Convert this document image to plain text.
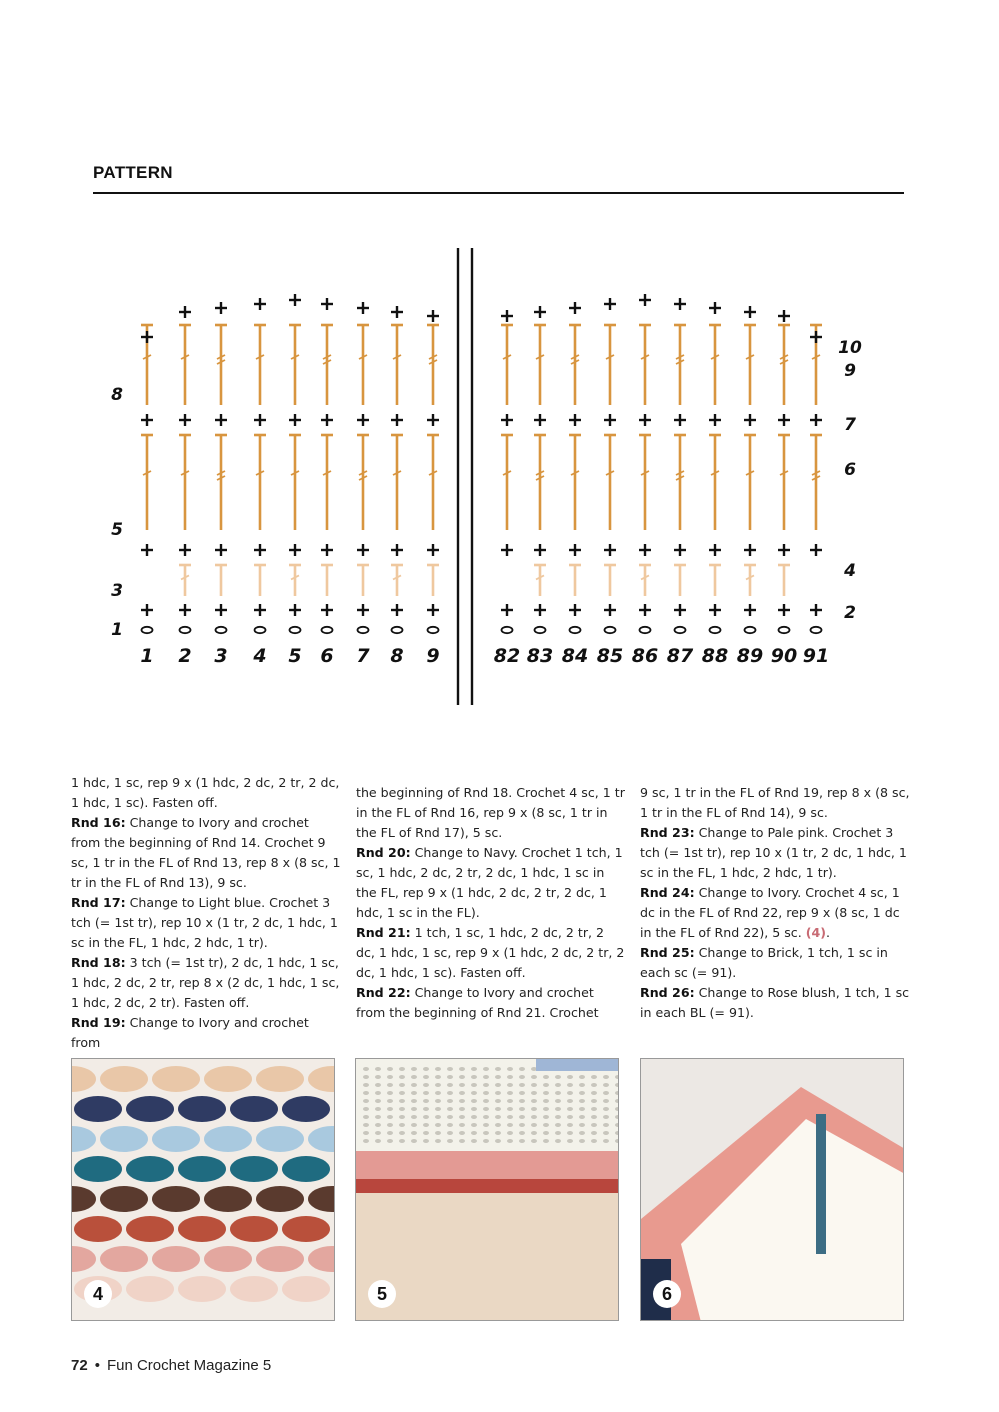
PATTERN
1 2 3 4 5 6 7 8 9	82 83 84 85 86 87 88 89 90 91
1
3
5
8
2
4
6
7
9
10

1 hdc, 1 sc, rep 9 x (1 hdc, 2 dc, 2 tr, 2 dc, 1 hdc, 1 sc). Fasten off.

Rnd 16: Change to Ivory and crochet from the beginning of Rnd 14. Crochet 9 sc, 1 tr in the FL of Rnd 13, rep 8 x (8 sc, 1 tr in the FL of Rnd 13), 9 sc.

Rnd 17: Change to Light blue. Crochet 3 tch (= 1st tr), rep 10 x (1 tr, 2 dc, 1 hdc, 1 sc in the FL, 1 hdc, 2 hdc, 1 tr).

Rnd 18: 3 tch (= 1st tr), 2 dc, 1 hdc, 1 sc, 1 hdc, 2 dc, 2 tr, rep 8 x (2 dc, 1 hdc, 1 sc, 1 hdc, 2 dc, 2 tr). Fasten off.

Rnd 19: Change to Ivory and crochet from

the beginning of Rnd 18. Crochet 4 sc, 1 tr in the FL of Rnd 16, rep 9 x (8 sc, 1 tr in the FL of Rnd 17), 5 sc.

Rnd 20: Change to Navy. Crochet 1 tch, 1 sc, 1 hdc, 2 dc, 2 tr, 2 dc, 1 hdc, 1 sc in the FL, rep 9 x (1 hdc, 2 dc, 2 tr, 2 dc, 1 hdc, 1 sc in the FL).

Rnd 21: 1 tch, 1 sc, 1 hdc, 2 dc, 2 tr, 2 dc, 1 hdc, 1 sc, rep 9 x (1 hdc, 2 dc, 2 tr, 2 dc, 1 hdc, 1 sc). Fasten off.

Rnd 22: Change to Ivory and crochet from the beginning of Rnd 21. Crochet

9 sc, 1 tr in the FL of Rnd 19, rep 8 x (8 sc, 1 tr in the FL of Rnd 14), 9 sc.

Rnd 23: Change to Pale pink. Crochet 3 tch (= 1st tr), rep 10 x (1 tr, 2 dc, 1 hdc, 1 sc in the FL, 1 hdc, 2 hdc, 1 tr).

Rnd 24: Change to Ivory. Crochet 4 sc, 1 dc in the FL of Rnd 22, rep 9 x (8 sc, 1 dc in the FL of Rnd 22), 5 sc. (4).

Rnd 25: Change to Brick, 1 tch, 1 sc in each sc (= 91).

Rnd 26: Change to Rose blush, 1 tch, 1 sc in each BL (= 91).

4	5	6
72 • Fun Crochet Magazine 5
